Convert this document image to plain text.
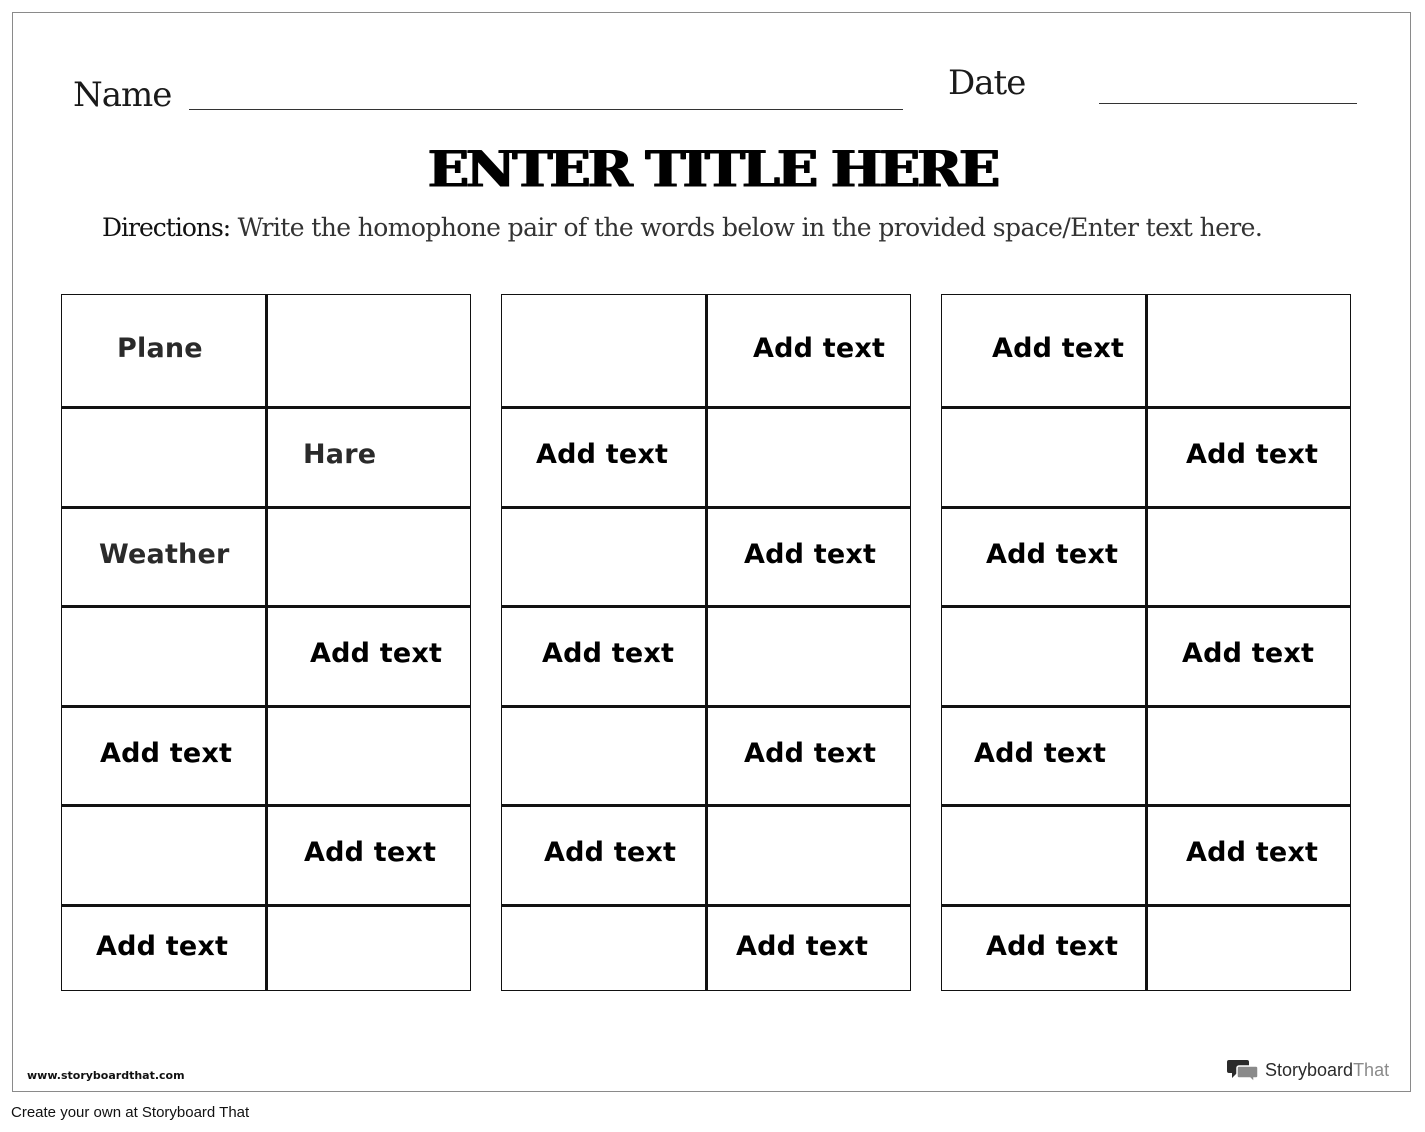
Name	Date
ENTER TITLE HERE
Directions: Write the homophone pair of the words below in the provided space/Enter text here.
Plane
Hare
Weather
Add text
Add text
Add text
Add text
Add text
Add text
Add text
Add text
Add text
Add text
Add text
Add text
Add text
Add text
Add text
Add text
Add text
Add text
www.storyboardthat.com	StoryboardThat
Create your own at Storyboard That
